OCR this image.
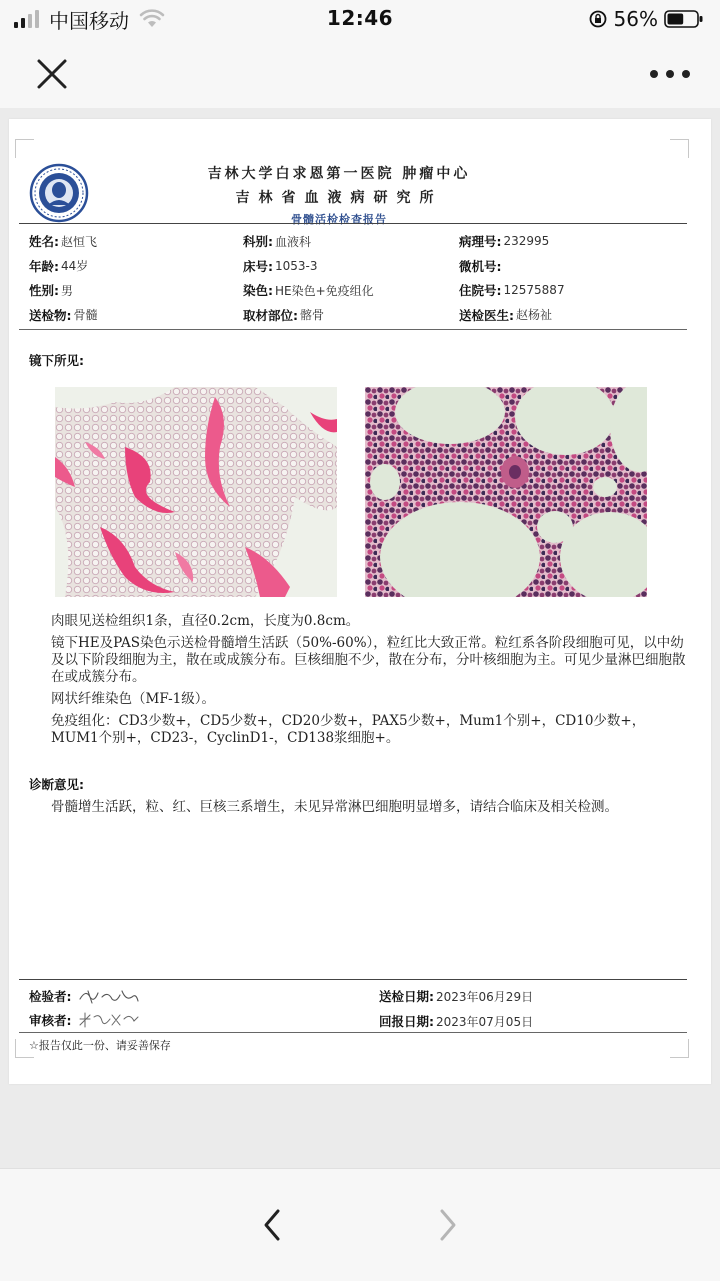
中国移动	12:46	56%
吉林大学白求恩第一医院 肿瘤中心
吉林省血液病研究所
骨髓活检检查报告
姓名: 赵恒飞	科别: 血液科	病理号: 232995
年龄: 44岁	床号: 1053-3	微机号:
性别: 男	染色: HE染色+免疫组化	住院号: 12575887
送检物: 骨髓	取材部位: 髂骨	送检医生: 赵杨祉
镜下所见:

肉眼见送检组织1条，直径0.2cm，长度为0.8cm。

镜下HE及PAS染色示送检骨髓增生活跃（50%-60%），粒红比大致正常。粒红系各阶段细胞可见，以中幼及以下阶段细胞为主，散在或成簇分布。巨核细胞不少，散在分布，分叶核细胞为主。可见少量淋巴细胞散在或成簇分布。

网状纤维染色（MF-1级）。

免疫组化：CD3少数+，CD5少数+，CD20少数+，PAX5少数+，Mum1个别+，CD10少数+，MUM1个别+，CD23-，CyclinD1-，CD138浆细胞+。

诊断意见:
骨髓增生活跃，粒、红、巨核三系增生，未见异常淋巴细胞明显增多，请结合临床及相关检测。
检验者:	送检日期: 2023年06月29日
审核者:	回报日期: 2023年07月05日
☆报告仅此一份、请妥善保存
